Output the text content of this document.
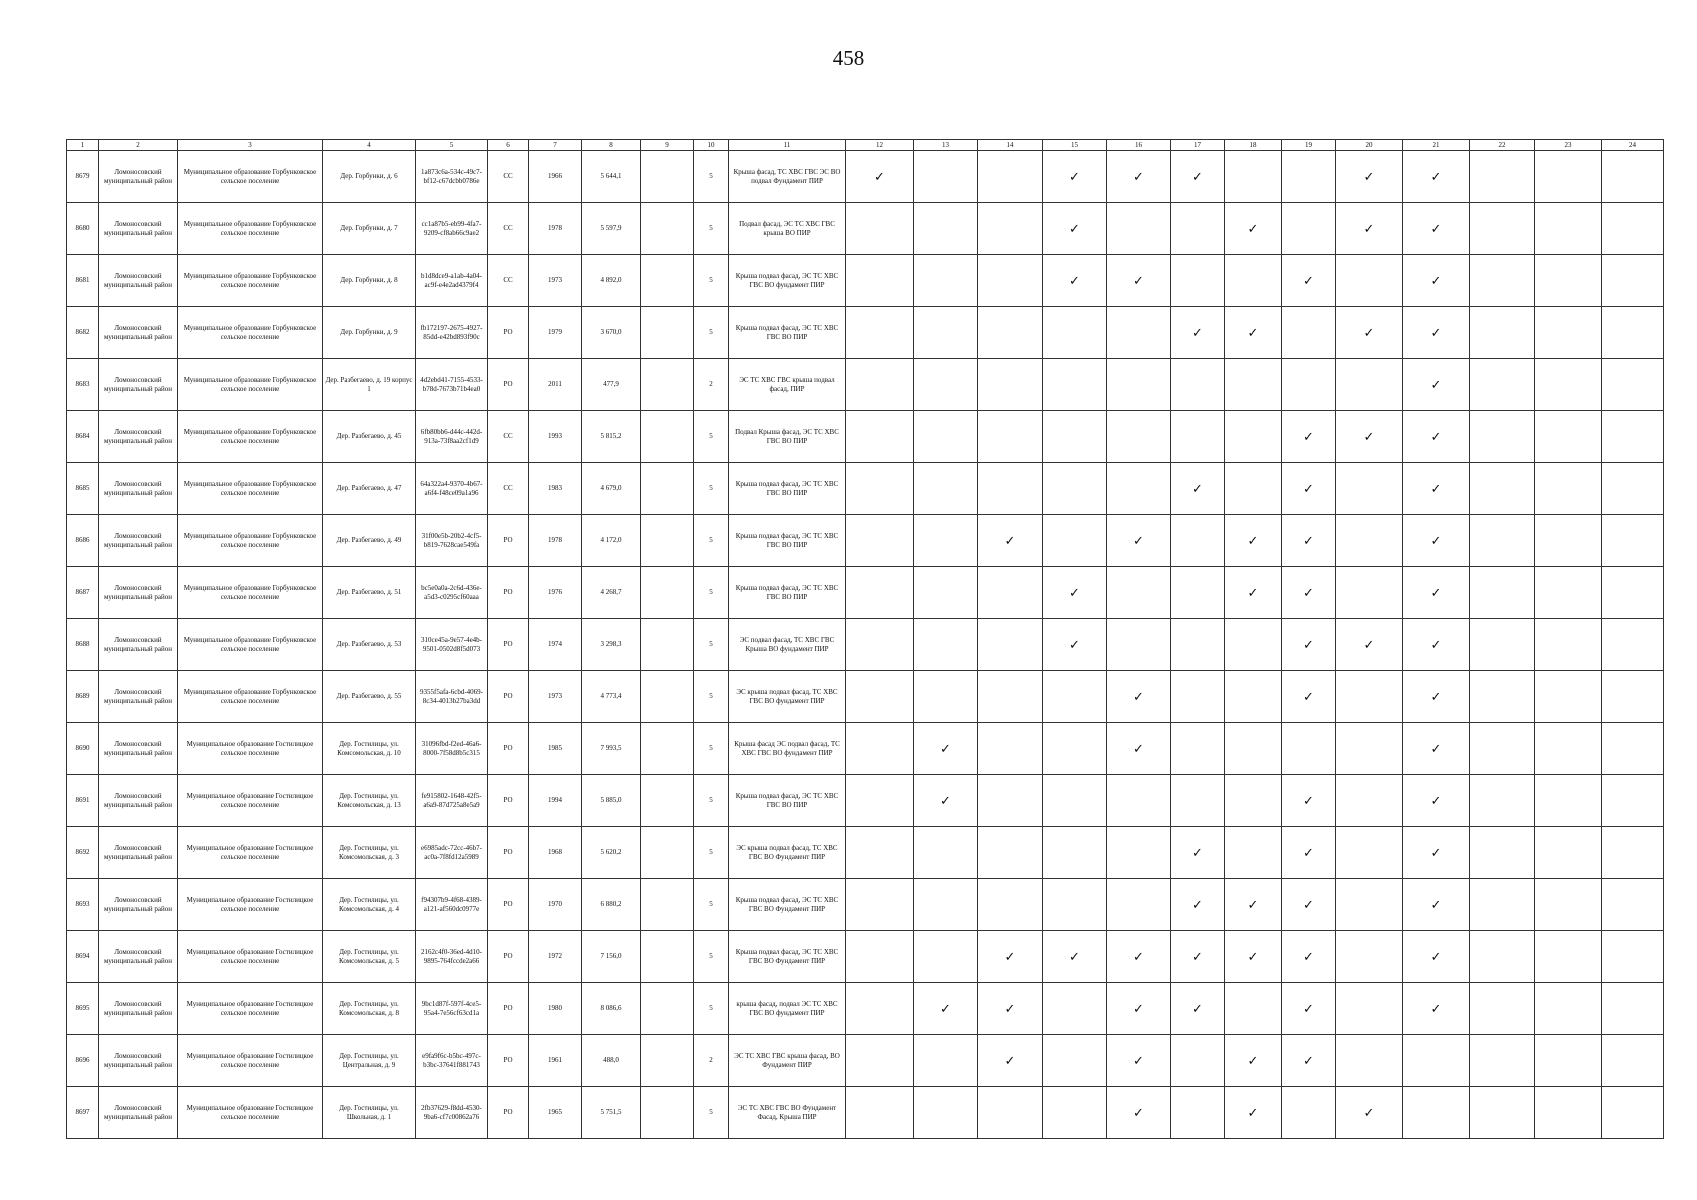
458
1	2	3	4	5	6	7	8	9	10	11	12	13	14	15	16	17	18	19	20	21	22	23	24
8679	Ломоносовский муниципальный район	Муниципальное образование Горбунковское сельское поселение	Дер. Горбунки, д. 6	1a873c6a-534c-49c7-bf12-c67dcbb0786e	СС	1966	5 644,1		5	Крыша фасад, ТС ХВС ГВС ЭС ВО подвал Фундамент ПИР	✓			✓	✓	✓			✓	✓			
8680	Ломоносовский муниципальный район	Муниципальное образование Горбунковское сельское поселение	Дер. Горбунки, д. 7	cc1a87b5-eb99-4fa7-9209-cf8ab66c9ae2	СС	1978	5 597,9		5	Подвал фасад, ЭС ТС ХВС ГВС крыша ВО ПИР				✓			✓		✓	✓			
8681	Ломоносовский муниципальный район	Муниципальное образование Горбунковское сельское поселение	Дер. Горбунки, д. 8	b1d8dce9-a1ab-4a04-ac9f-e4e2ad4379f4	СС	1973	4 892,0		5	Крыша подвал фасад, ЭС ТС ХВС ГВС ВО фундамент ПИР				✓	✓			✓		✓			
8682	Ломоносовский муниципальный район	Муниципальное образование Горбунковское сельское поселение	Дер. Горбунки, д. 9	fb172197-2675-4927-85dd-e42bd893f90c	РО	1979	3 670,0		5	Крыша подвал фасад, ЭС ТС ХВС ГВС ВО ПИР						✓	✓		✓	✓			
8683	Ломоносовский муниципальный район	Муниципальное образование Горбунковское сельское поселение	Дер. Разбегаево, д. 19 корпус 1	4d2ebd41-7155-4533-b78d-7673b71b4ea0	РО	2011	477,9		2	ЭС ТС ХВС ГВС крыша подвал фасад, ПИР										✓			
8684	Ломоносовский муниципальный район	Муниципальное образование Горбунковское сельское поселение	Дер. Разбегаево, д. 45	6fb80bb6-d44c-442d-913a-73f8aa2cf1d9	СС	1993	5 815,2		5	Подвал Крыша фасад, ЭС ТС ХВС ГВС ВО ПИР								✓	✓	✓			
8685	Ломоносовский муниципальный район	Муниципальное образование Горбунковское сельское поселение	Дер. Разбегаево, д. 47	64a322a4-9370-4b67-a6f4-f48ce09a1a96	СС	1983	4 679,0		5	Крыша подвал фасад, ЭС ТС ХВС ГВС ВО ПИР						✓		✓		✓			
8686	Ломоносовский муниципальный район	Муниципальное образование Горбунковское сельское поселение	Дер. Разбегаево, д. 49	31f00e5b-20b2-4cf5-b819-7628cae549fa	РО	1978	4 172,0		5	Крыша подвал фасад, ЭС ТС ХВС ГВС ВО ПИР			✓		✓		✓	✓		✓			
8687	Ломоносовский муниципальный район	Муниципальное образование Горбунковское сельское поселение	Дер. Разбегаево, д. 51	bc5e0a0a-2c6d-436e-a5d3-c0295cf60aaa	РО	1976	4 268,7		5	Крыша подвал фасад, ЭС ТС ХВС ГВС ВО ПИР				✓			✓	✓		✓			
8688	Ломоносовский муниципальный район	Муниципальное образование Горбунковское сельское поселение	Дер. Разбегаево, д. 53	310ce45a-9e57-4e4b-9501-0502d8f5d073	РО	1974	3 298,3		5	ЭС подвал фасад, ТС ХВС ГВС Крыша ВО фундамент ПИР				✓				✓	✓	✓			
8689	Ломоносовский муниципальный район	Муниципальное образование Горбунковское сельское поселение	Дер. Разбегаево, д. 55	9355f5afa-6cbd-4069-8c34-4013b27ba3dd	РО	1973	4 773,4		5	ЭС крыша подвал фасад, ТС ХВС ГВС ВО фундамент ПИР					✓			✓		✓			
8690	Ломоносовский муниципальный район	Муниципальное образование Гостилицкое сельское поселение	Дер. Гостилицы, ул. Комсомольская, д. 10	31096fbd-f2ed-46a6-8000-7f58d8b5c315	РО	1985	7 993,5		5	Крыша фасад ЭС подвал фасад, ТС ХВС ГВС ВО фундамент ПИР		✓			✓					✓			
8691	Ломоносовский муниципальный район	Муниципальное образование Гостилицкое сельское поселение	Дер. Гостилицы, ул. Комсомольская, д. 13	fe915802-1648-42f5-a6a9-87d725a8e5a9	РО	1994	5 885,0		5	Крыша подвал фасад, ЭС ТС ХВС ГВС ВО ПИР		✓						✓		✓			
8692	Ломоносовский муниципальный район	Муниципальное образование Гостилицкое сельское поселение	Дер. Гостилицы, ул. Комсомольская, д. 3	e6985adc-72cc-46b7-ac0a-7f8fd12a5989	РО	1968	5 620,2		5	ЭС крыша подвал фасад, ТС ХВС ГВС ВО Фундамент ПИР						✓		✓		✓			
8693	Ломоносовский муниципальный район	Муниципальное образование Гостилицкое сельское поселение	Дер. Гостилицы, ул. Комсомольская, д. 4	f94307b9-4f68-4389-a121-af560dc0977e	РО	1970	6 880,2		5	Крыша подвал фасад, ЭС ТС ХВС ГВС ВО Фундамент ПИР						✓	✓	✓		✓			
8694	Ломоносовский муниципальный район	Муниципальное образование Гостилицкое сельское поселение	Дер. Гостилицы, ул. Комсомольская, д. 5	2162c4f0-36ed-4d10-9895-764fccde2a66	РО	1972	7 156,0		5	Крыша подвал фасад, ЭС ТС ХВС ГВС ВО Фундамент ПИР			✓	✓	✓	✓	✓	✓		✓			
8695	Ломоносовский муниципальный район	Муниципальное образование Гостилицкое сельское поселение	Дер. Гостилицы, ул. Комсомольская, д. 8	9bc1d87f-597f-4ce5-95a4-7e56cf63cd1a	РО	1980	8 086,6		5	крыша фасад, подвал ЭС ТС ХВС ГВС ВО фундамент ПИР		✓	✓		✓	✓		✓		✓			
8696	Ломоносовский муниципальный район	Муниципальное образование Гостилицкое сельское поселение	Дер. Гостилицы, ул. Центральная, д. 9	e9fa9f6c-b5bc-497c-b3bc-37641f881743	РО	1961	488,0		2	ЭС ТС ХВС ГВС крыша фасад, ВО Фундамент ПИР			✓		✓		✓	✓					
8697	Ломоносовский муниципальный район	Муниципальное образование Гостилицкое сельское поселение	Дер. Гостилицы, ул. Школьная, д. 1	2fb37629-f8dd-4530-9ba6-cf7c00862a76	РО	1965	5 751,5		5	ЭС ТС ХВС ГВС ВО Фундамент Фасад, Крыша ПИР					✓		✓		✓				
